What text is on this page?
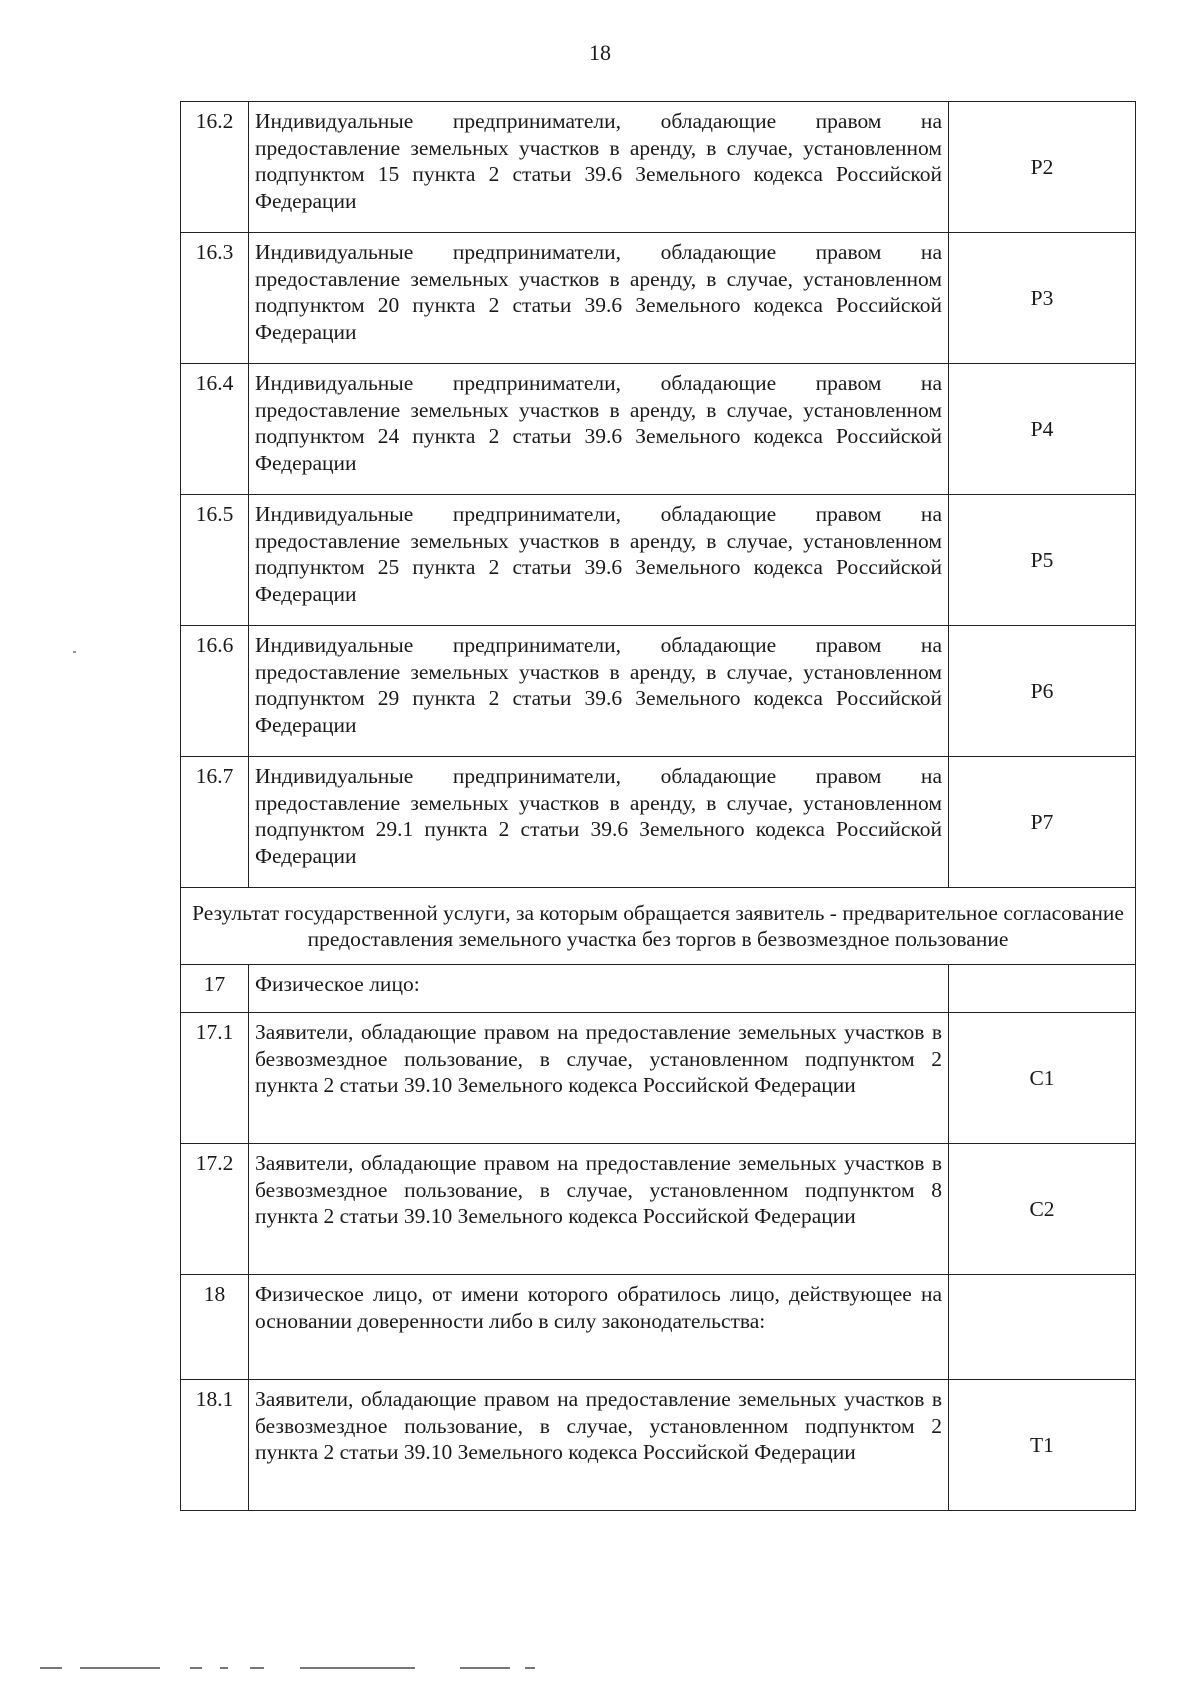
18
16.2	Индивидуальные предприниматели, обладающие правом на предоставление земельных участков в аренду, в случае, установленном подпунктом 15 пункта 2 статьи 39.6 Земельного кодекса Российской Федерации	P2
16.3	Индивидуальные предприниматели, обладающие правом на предоставление земельных участков в аренду, в случае, установленном подпунктом 20 пункта 2 статьи 39.6 Земельного кодекса Российской Федерации	P3
16.4	Индивидуальные предприниматели, обладающие правом на предоставление земельных участков в аренду, в случае, установленном подпунктом 24 пункта 2 статьи 39.6 Земельного кодекса Российской Федерации	P4
16.5	Индивидуальные предприниматели, обладающие правом на предоставление земельных участков в аренду, в случае, установленном подпунктом 25 пункта 2 статьи 39.6 Земельного кодекса Российской Федерации	P5
16.6	Индивидуальные предприниматели, обладающие правом на предоставление земельных участков в аренду, в случае, установленном подпунктом 29 пункта 2 статьи 39.6 Земельного кодекса Российской Федерации	P6
16.7	Индивидуальные предприниматели, обладающие правом на предоставление земельных участков в аренду, в случае, установленном подпунктом 29.1 пункта 2 статьи 39.6 Земельного кодекса Российской Федерации	P7
Результат государственной услуги, за которым обращается заявитель - предварительное согласование предоставления земельного участка без торгов в безвозмездное пользование		
17	Физическое лицо:	
17.1	Заявители, обладающие правом на предоставление земельных участков в безвозмездное пользование, в случае, установленном подпунктом 2 пункта 2 статьи 39.10 Земельного кодекса Российской Федерации	C1
17.2	Заявители, обладающие правом на предоставление земельных участков в безвозмездное пользование, в случае, установленном подпунктом 8 пункта 2 статьи 39.10 Земельного кодекса Российской Федерации	C2
18	Физическое лицо, от имени которого обратилось лицо, действующее на основании доверенности либо в силу законодательства:	
18.1	Заявители, обладающие правом на предоставление земельных участков в безвозмездное пользование, в случае, установленном подпунктом 2 пункта 2 статьи 39.10 Земельного кодекса Российской Федерации	T1
